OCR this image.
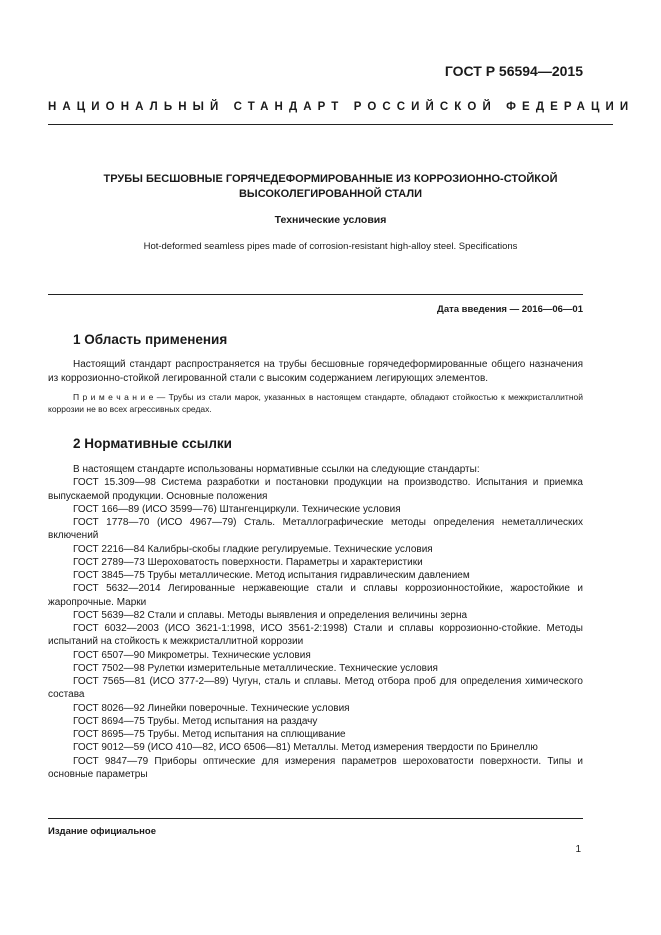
ГОСТ Р 56594—2015
НАЦИОНАЛЬНЫЙ СТАНДАРТ РОССИЙСКОЙ ФЕДЕРАЦИИ
ТРУБЫ БЕСШОВНЫЕ ГОРЯЧЕДЕФОРМИРОВАННЫЕ ИЗ КОРРОЗИОННО-СТОЙКОЙ
ВЫСОКОЛЕГИРОВАННОЙ СТАЛИ
Технические условия
Hot-deformed seamless pipes made of corrosion-resistant high-alloy steel. Specifications
Дата введения — 2016—06—01
1 Область применения
Настоящий стандарт распространяется на трубы бесшовные горячедеформированные общего назначения из коррозионно-стойкой легированной стали с высоким содержанием легирующих элементов.
П р и м е ч а н и е — Трубы из стали марок, указанных в настоящем стандарте, обладают стойкостью к межкристаллитной коррозии не во всех агрессивных средах.
2 Нормативные ссылки
В настоящем стандарте использованы нормативные ссылки на следующие стандарты:
ГОСТ 15.309—98 Система разработки и постановки продукции на производство. Испытания и приемка выпускаемой продукции. Основные положения
ГОСТ 166—89 (ИСО 3599—76) Штангенциркули. Технические условия
ГОСТ 1778—70 (ИСО 4967—79) Сталь. Металлографические методы определения неметаллических включений
ГОСТ 2216—84 Калибры-скобы гладкие регулируемые. Технические условия
ГОСТ 2789—73 Шероховатость поверхности. Параметры и характеристики
ГОСТ 3845—75 Трубы металлические. Метод испытания гидравлическим давлением
ГОСТ 5632—2014 Легированные нержавеющие стали и сплавы коррозионностойкие, жаростойкие и жаропрочные. Марки
ГОСТ 5639—82 Стали и сплавы. Методы выявления и определения величины зерна
ГОСТ 6032—2003 (ИСО 3621-1:1998, ИСО 3561-2:1998) Стали и сплавы коррозионно-стойкие. Методы испытаний на стойкость к межкристаллитной коррозии
ГОСТ 6507—90 Микрометры. Технические условия
ГОСТ 7502—98 Рулетки измерительные металлические. Технические условия
ГОСТ 7565—81 (ИСО 377-2—89) Чугун, сталь и сплавы. Метод отбора проб для определения химического состава
ГОСТ 8026—92 Линейки поверочные. Технические условия
ГОСТ 8694—75 Трубы. Метод испытания на раздачу
ГОСТ 8695—75 Трубы. Метод испытания на сплющивание
ГОСТ 9012—59 (ИСО 410—82, ИСО 6506—81) Металлы. Метод измерения твердости по Бринеллю
ГОСТ 9847—79 Приборы оптические для измерения параметров шероховатости поверхности. Типы и основные параметры
Издание официальное
1
